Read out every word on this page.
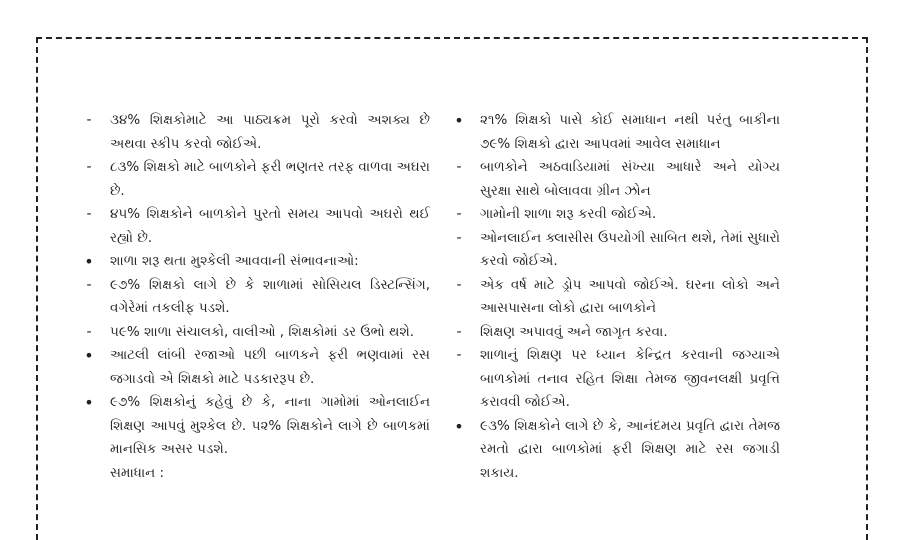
-	૩૪% શિક્ષકોમાટે આ પાઠ્યક્રમ પૂરો કરવો અશક્ય છે અથવા સ્કીપ કરવો જોઈએ.
-	૮૩% શિક્ષકો માટે બાળકોને ફરી ભણતર તરફ વાળવા અઘરા છે.
-	૪૫% શિક્ષકોને બાળકોને પુરતો સમય આપવો અઘરો થઈ રહ્યો છે.
• શાળા શરૂ થતા મુશ્કેલી આવવાની સંભાવનાઓ:
-	૯૭% શિક્ષકો લાગે છે કે શાળામાં સોસિયલ ડિસ્ટન્સિંગ, વગેરેમાં તકલીફ પડશે.
-	૫૯% શાળા સંચાલકો, વાલીઓ , શિક્ષકોમાં ડર ઉભો થશે.
• આટલી લાંબી રજાઓ પછી બાળકને ફરી ભણવામાં રસ જગાડવો એ શિક્ષકો માટે પડકારરૂપ છે.
• ૯૭% શિક્ષકોનું કહેવું છે કે, નાના ગામોમાં ઓનલાઈન શિક્ષણ આપવું મુશ્કેલ છે. ૫૨% શિક્ષકોને લાગે છે બાળકમાં માનસિક અસર પડશે.
સમાધાન :
• ૨૧% શિક્ષકો પાસે કોઈ સમાધાન નથી પરંતુ બાકીના ૭૯% શિક્ષકો દ્વારા આપવમાં આવેલ સમાધાન
-	બાળકોને અઠવાડિયામાં સંખ્યા આધારે અને યોગ્ય સુરક્ષા સાથે બોલાવવા ગ્રીન ઝોન
-	ગામોની શાળા શરૂ કરવી જોઈએ.
-	ઓનલાઈન ક્લાસીસ ઉપયોગી સાબિત થશે, તેમાં સુધારો કરવો જોઈએ.
-	એક વર્ષ માટે ડ્રોપ આપવો જોઈએ. ઘરના લોકો અને આસપાસના લોકો દ્વારા બાળકોને
-	શિક્ષણ અપાવવું અને જાગૃત કરવા.
-	શાળાનું શિક્ષણ પર ધ્યાન કેન્દ્રિત કરવાની જગ્યાએ બાળકોમાં તનાવ રહિત શિક્ષા તેમજ જીવનલક્ષી પ્રવૃત્તિ કરાવવી જોઈએ.
• ૯૩% શિક્ષકોને લાગે છે કે, આનંદમય પ્રવૃતિ દ્વારા તેમજ રમતો દ્વારા બાળકોમાં ફરી શિક્ષણ માટે રસ જગાડી શકાય.
